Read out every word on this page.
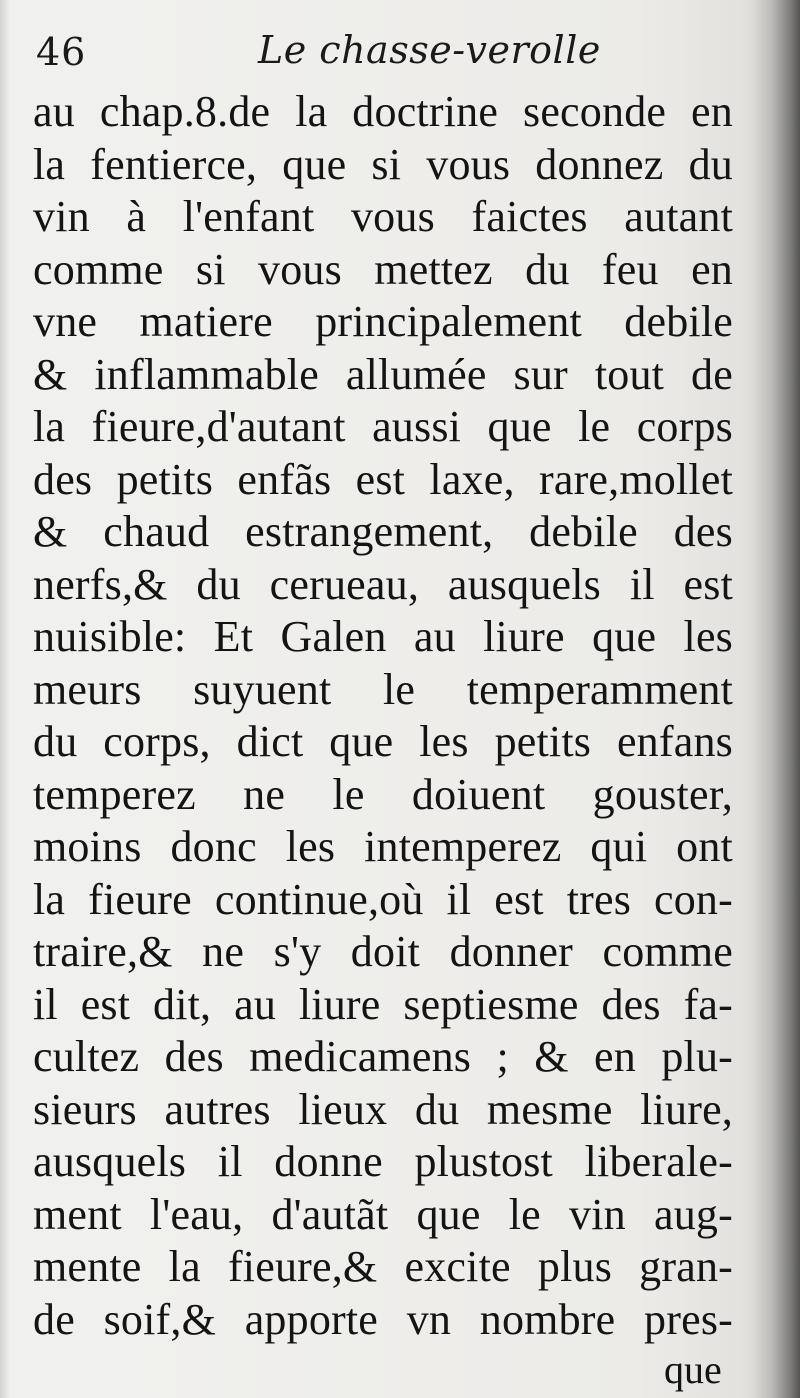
46	Le chasse-verolle
au chap.8.de la doctrine seconde en
la fentierce, que si vous donnez du
vin à l'enfant vous faictes autant
comme si vous mettez du feu en
vne matiere principalement debile
& inflammable allumée sur tout de
la fieure,d'autant aussi que le corps
des petits enfãs est laxe, rare,mollet
& chaud estrangement, debile des
nerfs,& du cerueau, ausquels il est
nuisible: Et Galen au liure que les
meurs suyuent le temperamment
du corps, dict que les petits enfans
temperez ne le doiuent gouster,
moins donc les intemperez qui ont
la fieure continue,où il est tres con-
traire,& ne s'y doit donner comme
il est dit, au liure septiesme des fa-
cultez des medicamens ; & en plu-
sieurs autres lieux du mesme liure,
ausquels il donne plustost liberale-
ment l'eau, d'autãt que le vin aug-
mente la fieure,& excite plus gran-
de soif,& apporte vn nombre pres-
que
